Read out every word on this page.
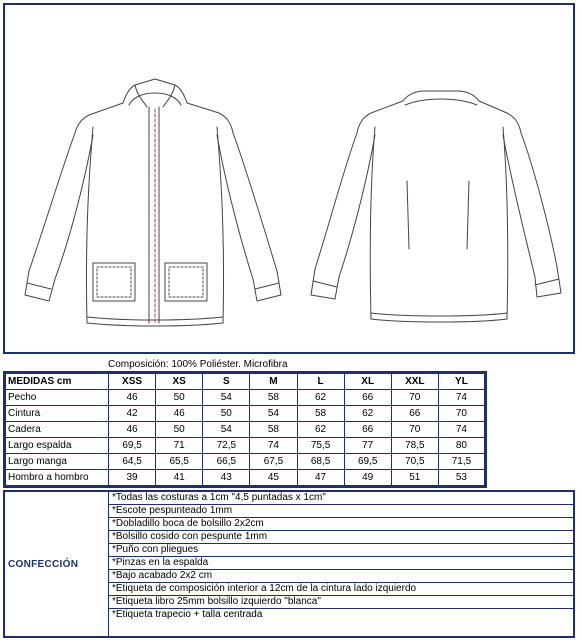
Composición: 100% Poliéster. Microfibra
MEDIDAS cm	XSS	XS	S	M	L	XL	XXL	YL
Pecho	46	50	54	58	62	66	70	74
Cintura	42	46	50	54	58	62	66	70
Cadera	46	50	54	58	62	66	70	74
Largo espalda	69,5	71	72,5	74	75,5	77	78,5	80
Largo manga	64,5	65,5	66,5	67,5	68,5	69,5	70,5	71,5
Hombro a hombro	39	41	43	45	47	49	51	53
CONFECCIÓN
*Todas las costuras a 1cm "4,5 puntadas x 1cm"
*Escote pespunteado 1mm
*Dobladillo boca de bolsillo 2x2cm
*Bolsillo cosido con pespunte 1mm
*Puño con pliegues
*Pinzas en la espalda
*Bajo acabado 2x2 cm
*Etiqueta de composición interior a 12cm de la cintura lado izquierdo
*Etiqueta libro 25mm bolsillo izquierdo "blanca"
*Etiqueta trapecio + talla centrada
